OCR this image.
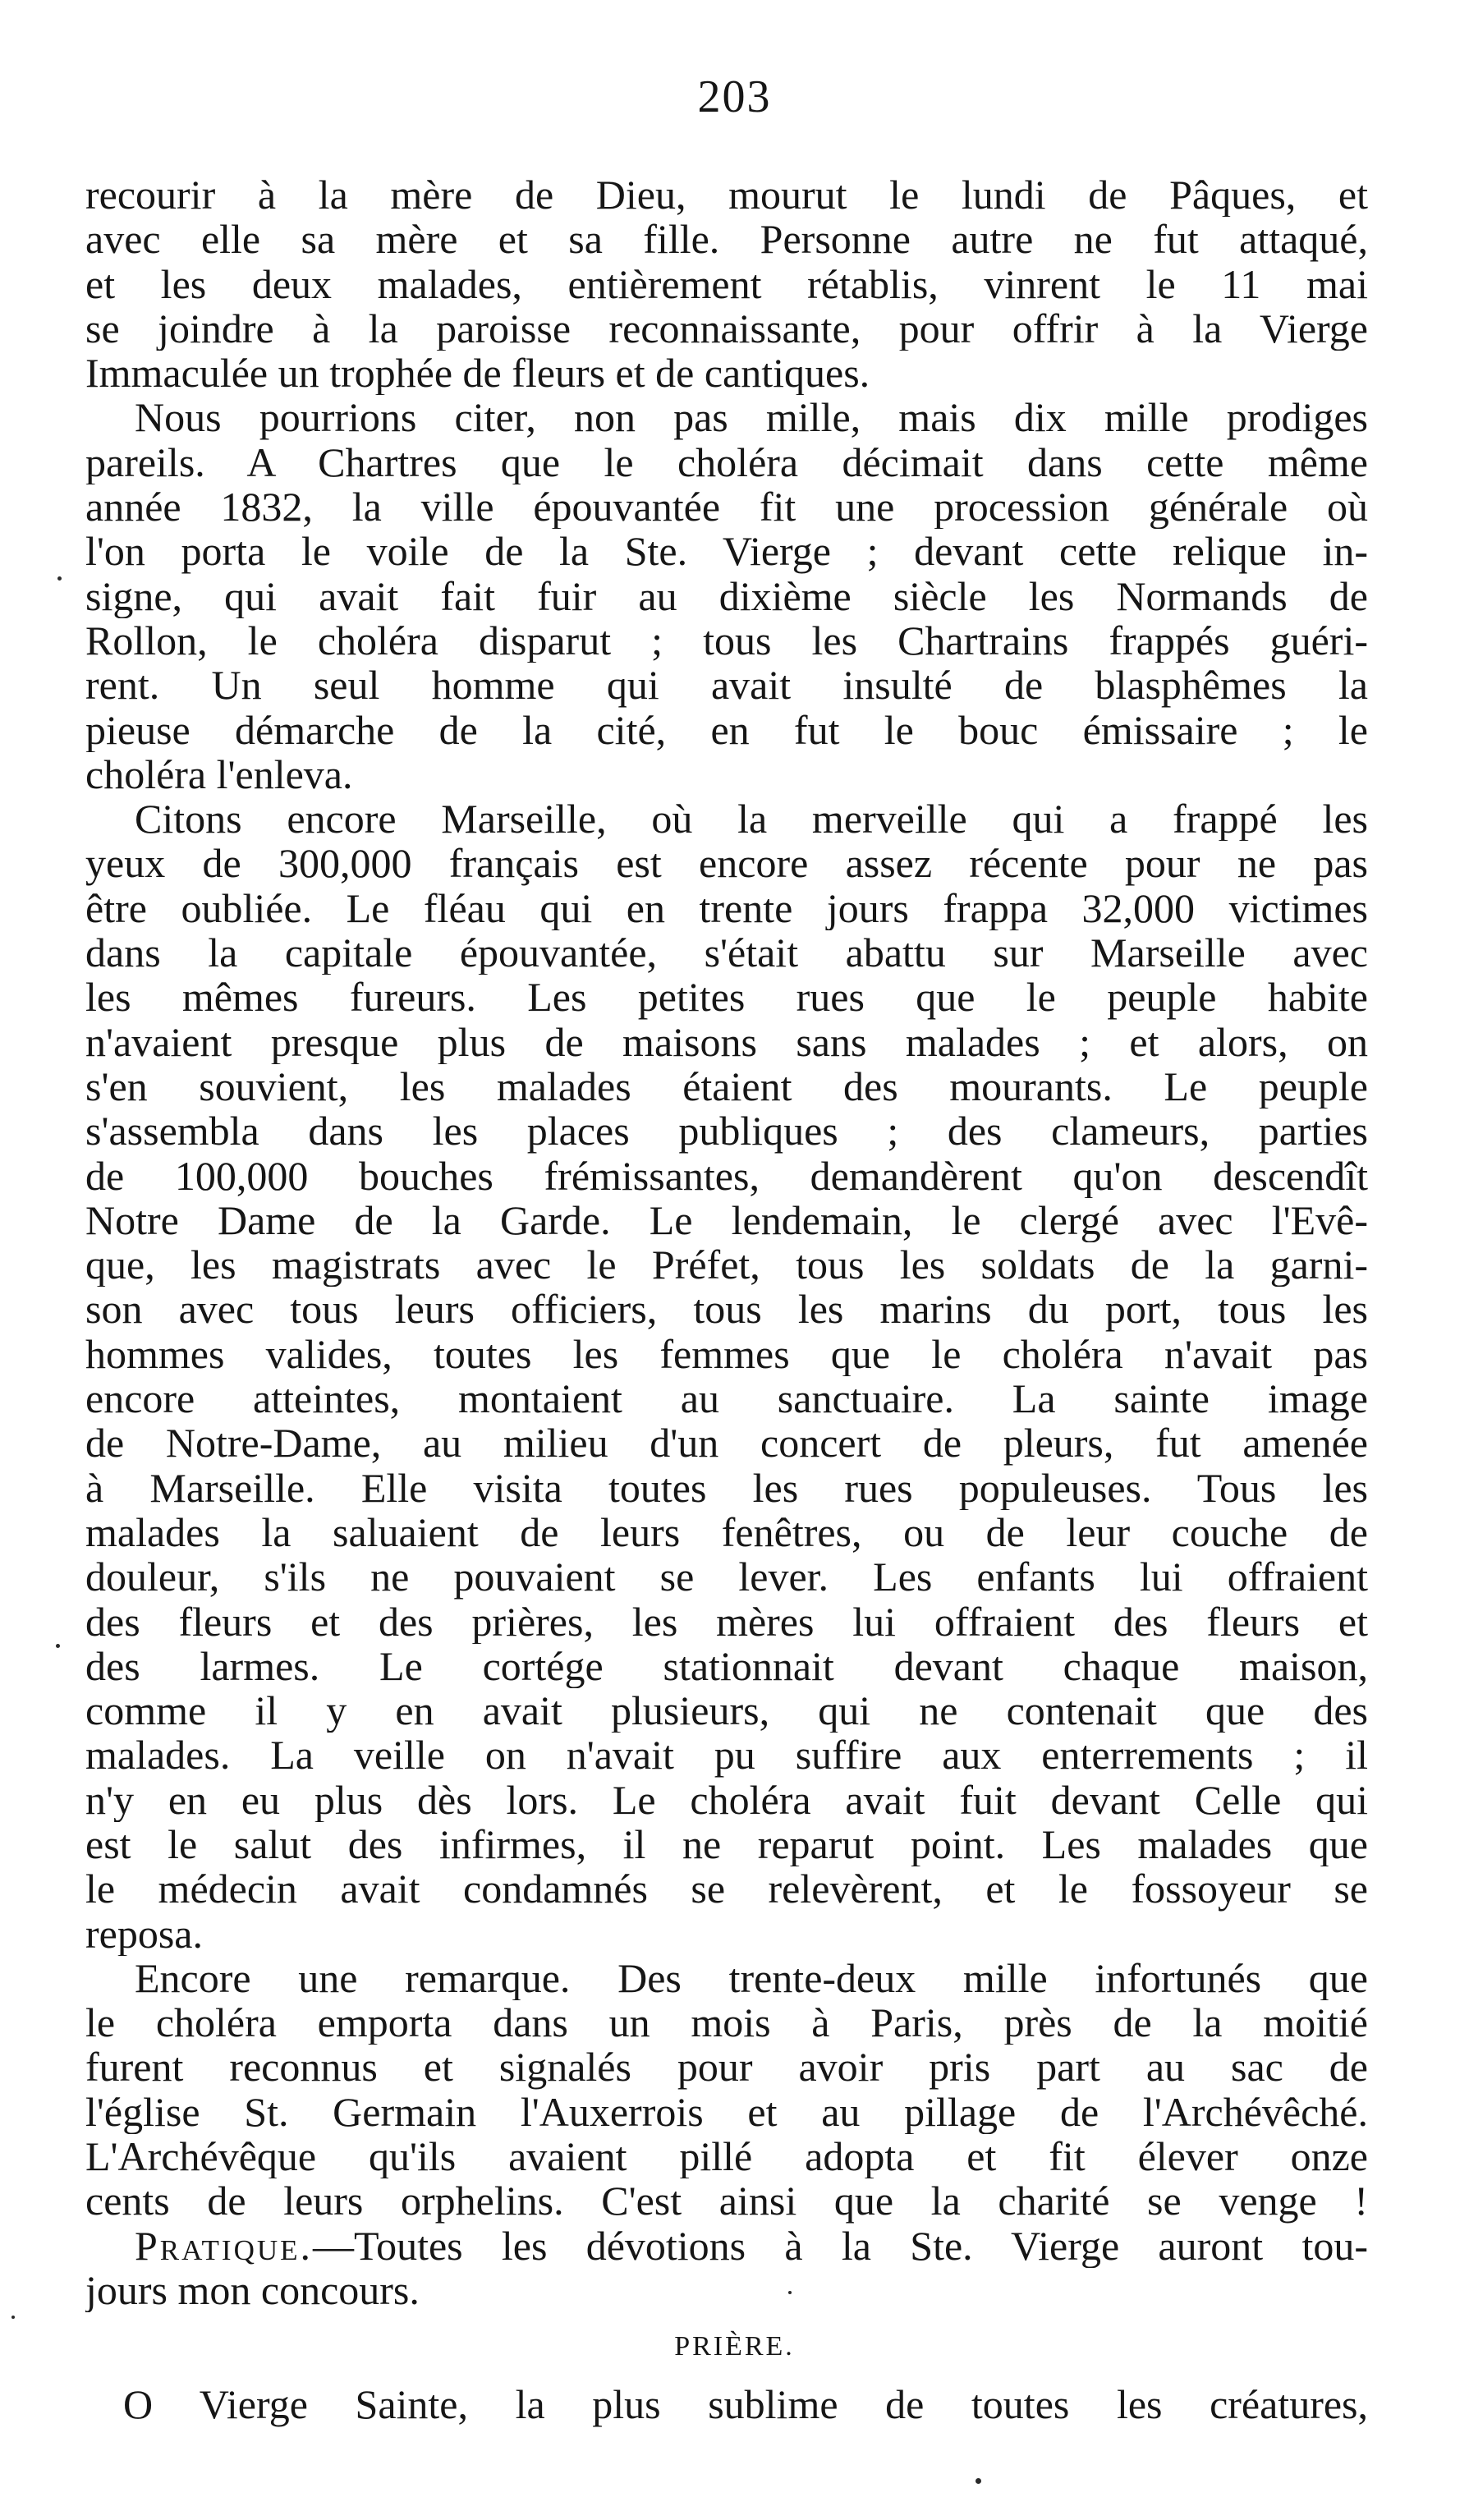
203
recourir à la mère de Dieu, mourut le lundi de Pâques, et
avec elle sa mère et sa fille. Personne autre ne fut attaqué,
et les deux malades, entièrement rétablis, vinrent le 11 mai
se joindre à la paroisse reconnaissante, pour offrir à la Vierge
Immaculée un trophée de fleurs et de cantiques.
Nous pourrions citer, non pas mille, mais dix mille prodiges
pareils. A Chartres que le choléra décimait dans cette même
année 1832, la ville épouvantée fit une procession générale où
l'on porta le voile de la Ste. Vierge ; devant cette relique in-
signe, qui avait fait fuir au dixième siècle les Normands de
Rollon, le choléra disparut ; tous les Chartrains frappés guéri-
rent. Un seul homme qui avait insulté de blasphêmes la
pieuse démarche de la cité, en fut le bouc émissaire ; le
choléra l'enleva.
Citons encore Marseille, où la merveille qui a frappé les
yeux de 300,000 français est encore assez récente pour ne pas
être oubliée. Le fléau qui en trente jours frappa 32,000 victimes
dans la capitale épouvantée, s'était abattu sur Marseille avec
les mêmes fureurs. Les petites rues que le peuple habite
n'avaient presque plus de maisons sans malades ; et alors, on
s'en souvient, les malades étaient des mourants. Le peuple
s'assembla dans les places publiques ; des clameurs, parties
de 100,000 bouches frémissantes, demandèrent qu'on descendît
Notre Dame de la Garde. Le lendemain, le clergé avec l'Evê-
que, les magistrats avec le Préfet, tous les soldats de la garni-
son avec tous leurs officiers, tous les marins du port, tous les
hommes valides, toutes les femmes que le choléra n'avait pas
encore atteintes, montaient au sanctuaire. La sainte image
de Notre-Dame, au milieu d'un concert de pleurs, fut amenée
à Marseille. Elle visita toutes les rues populeuses. Tous les
malades la saluaient de leurs fenêtres, ou de leur couche de
douleur, s'ils ne pouvaient se lever. Les enfants lui offraient
des fleurs et des prières, les mères lui offraient des fleurs et
des larmes. Le cortége stationnait devant chaque maison,
comme il y en avait plusieurs, qui ne contenait que des
malades. La veille on n'avait pu suffire aux enterrements ; il
n'y en eu plus dès lors. Le choléra avait fuit devant Celle qui
est le salut des infirmes, il ne reparut point. Les malades que
le médecin avait condamnés se relevèrent, et le fossoyeur se
reposa.
Encore une remarque. Des trente-deux mille infortunés que
le choléra emporta dans un mois à Paris, près de la moitié
furent reconnus et signalés pour avoir pris part au sac de
l'église St. Germain l'Auxerrois et au pillage de l'Archévêché.
L'Archévêque qu'ils avaient pillé adopta et fit élever onze
cents de leurs orphelins. C'est ainsi que la charité se venge !
Pratique.—Toutes les dévotions à la Ste. Vierge auront tou-
jours mon concours.
PRIÈRE.
O Vierge Sainte, la plus sublime de toutes les créatures,
